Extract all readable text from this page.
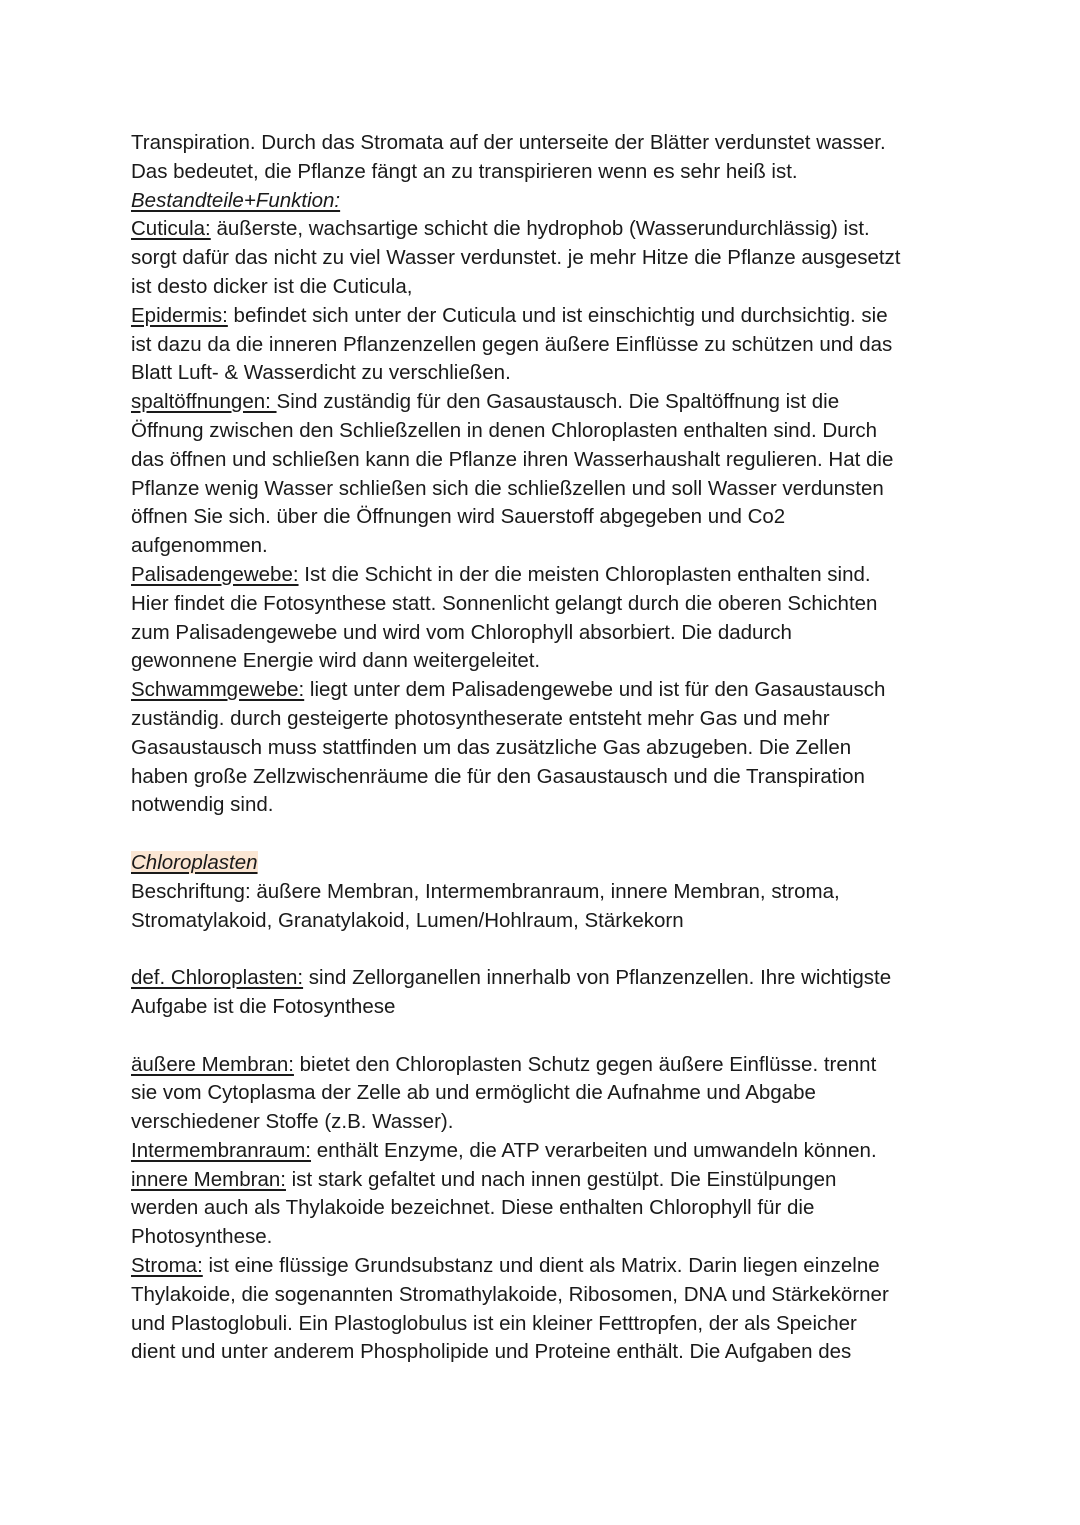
Transpiration. Durch das Stromata auf der unterseite der Blätter verdunstet wasser.
Das bedeutet, die Pflanze fängt an zu transpirieren wenn es sehr heiß ist.
Bestandteile+Funktion:
Cuticula: äußerste, wachsartige schicht die hydrophob (Wasserundurchlässig) ist.
sorgt dafür das nicht zu viel Wasser verdunstet. je mehr Hitze die Pflanze ausgesetzt
ist desto dicker ist die Cuticula,
Epidermis: befindet sich unter der Cuticula und ist einschichtig und durchsichtig. sie
ist dazu da die inneren Pflanzenzellen gegen äußere Einflüsse zu schützen und das
Blatt Luft- & Wasserdicht zu verschließen.
spaltöffnungen: Sind zuständig für den Gasaustausch. Die Spaltöffnung ist die
Öffnung zwischen den Schließzellen in denen Chloroplasten enthalten sind. Durch
das öffnen und schließen kann die Pflanze ihren Wasserhaushalt regulieren. Hat die
Pflanze wenig Wasser schließen sich die schließzellen und soll Wasser verdunsten
öffnen Sie sich. über die Öffnungen wird Sauerstoff abgegeben und Co2
aufgenommen.
Palisadengewebe: Ist die Schicht in der die meisten Chloroplasten enthalten sind.
Hier findet die Fotosynthese statt. Sonnenlicht gelangt durch die oberen Schichten
zum Palisadengewebe und wird vom Chlorophyll absorbiert. Die dadurch
gewonnene Energie wird dann weitergeleitet.
Schwammgewebe: liegt unter dem Palisadengewebe und ist für den Gasaustausch
zuständig. durch gesteigerte photosyntheserate entsteht mehr Gas und mehr
Gasaustausch muss stattfinden um das zusätzliche Gas abzugeben. Die Zellen
haben große Zellzwischenräume die für den Gasaustausch und die Transpiration
notwendig sind.
Chloroplasten
Beschriftung: äußere Membran, Intermembranraum, innere Membran, stroma,
Stromatylakoid, Granatylakoid, Lumen/Hohlraum, Stärkekorn
def. Chloroplasten: sind Zellorganellen innerhalb von Pflanzenzellen. Ihre wichtigste
Aufgabe ist die Fotosynthese
äußere Membran: bietet den Chloroplasten Schutz gegen äußere Einflüsse. trennt
sie vom Cytoplasma der Zelle ab und ermöglicht die Aufnahme und Abgabe
verschiedener Stoffe (z.B. Wasser).
Intermembranraum: enthält Enzyme, die ATP verarbeiten und umwandeln können.
innere Membran: ist stark gefaltet und nach innen gestülpt. Die Einstülpungen
werden auch als Thylakoide bezeichnet. Diese enthalten Chlorophyll für die
Photosynthese.
Stroma: ist eine flüssige Grundsubstanz und dient als Matrix. Darin liegen einzelne
Thylakoide, die sogenannten Stromathylakoide, Ribosomen, DNA und Stärkekörner
und Plastoglobuli. Ein Plastoglobulus ist ein kleiner Fetttropfen, der als Speicher
dient und unter anderem Phospholipide und Proteine enthält. Die Aufgaben des
